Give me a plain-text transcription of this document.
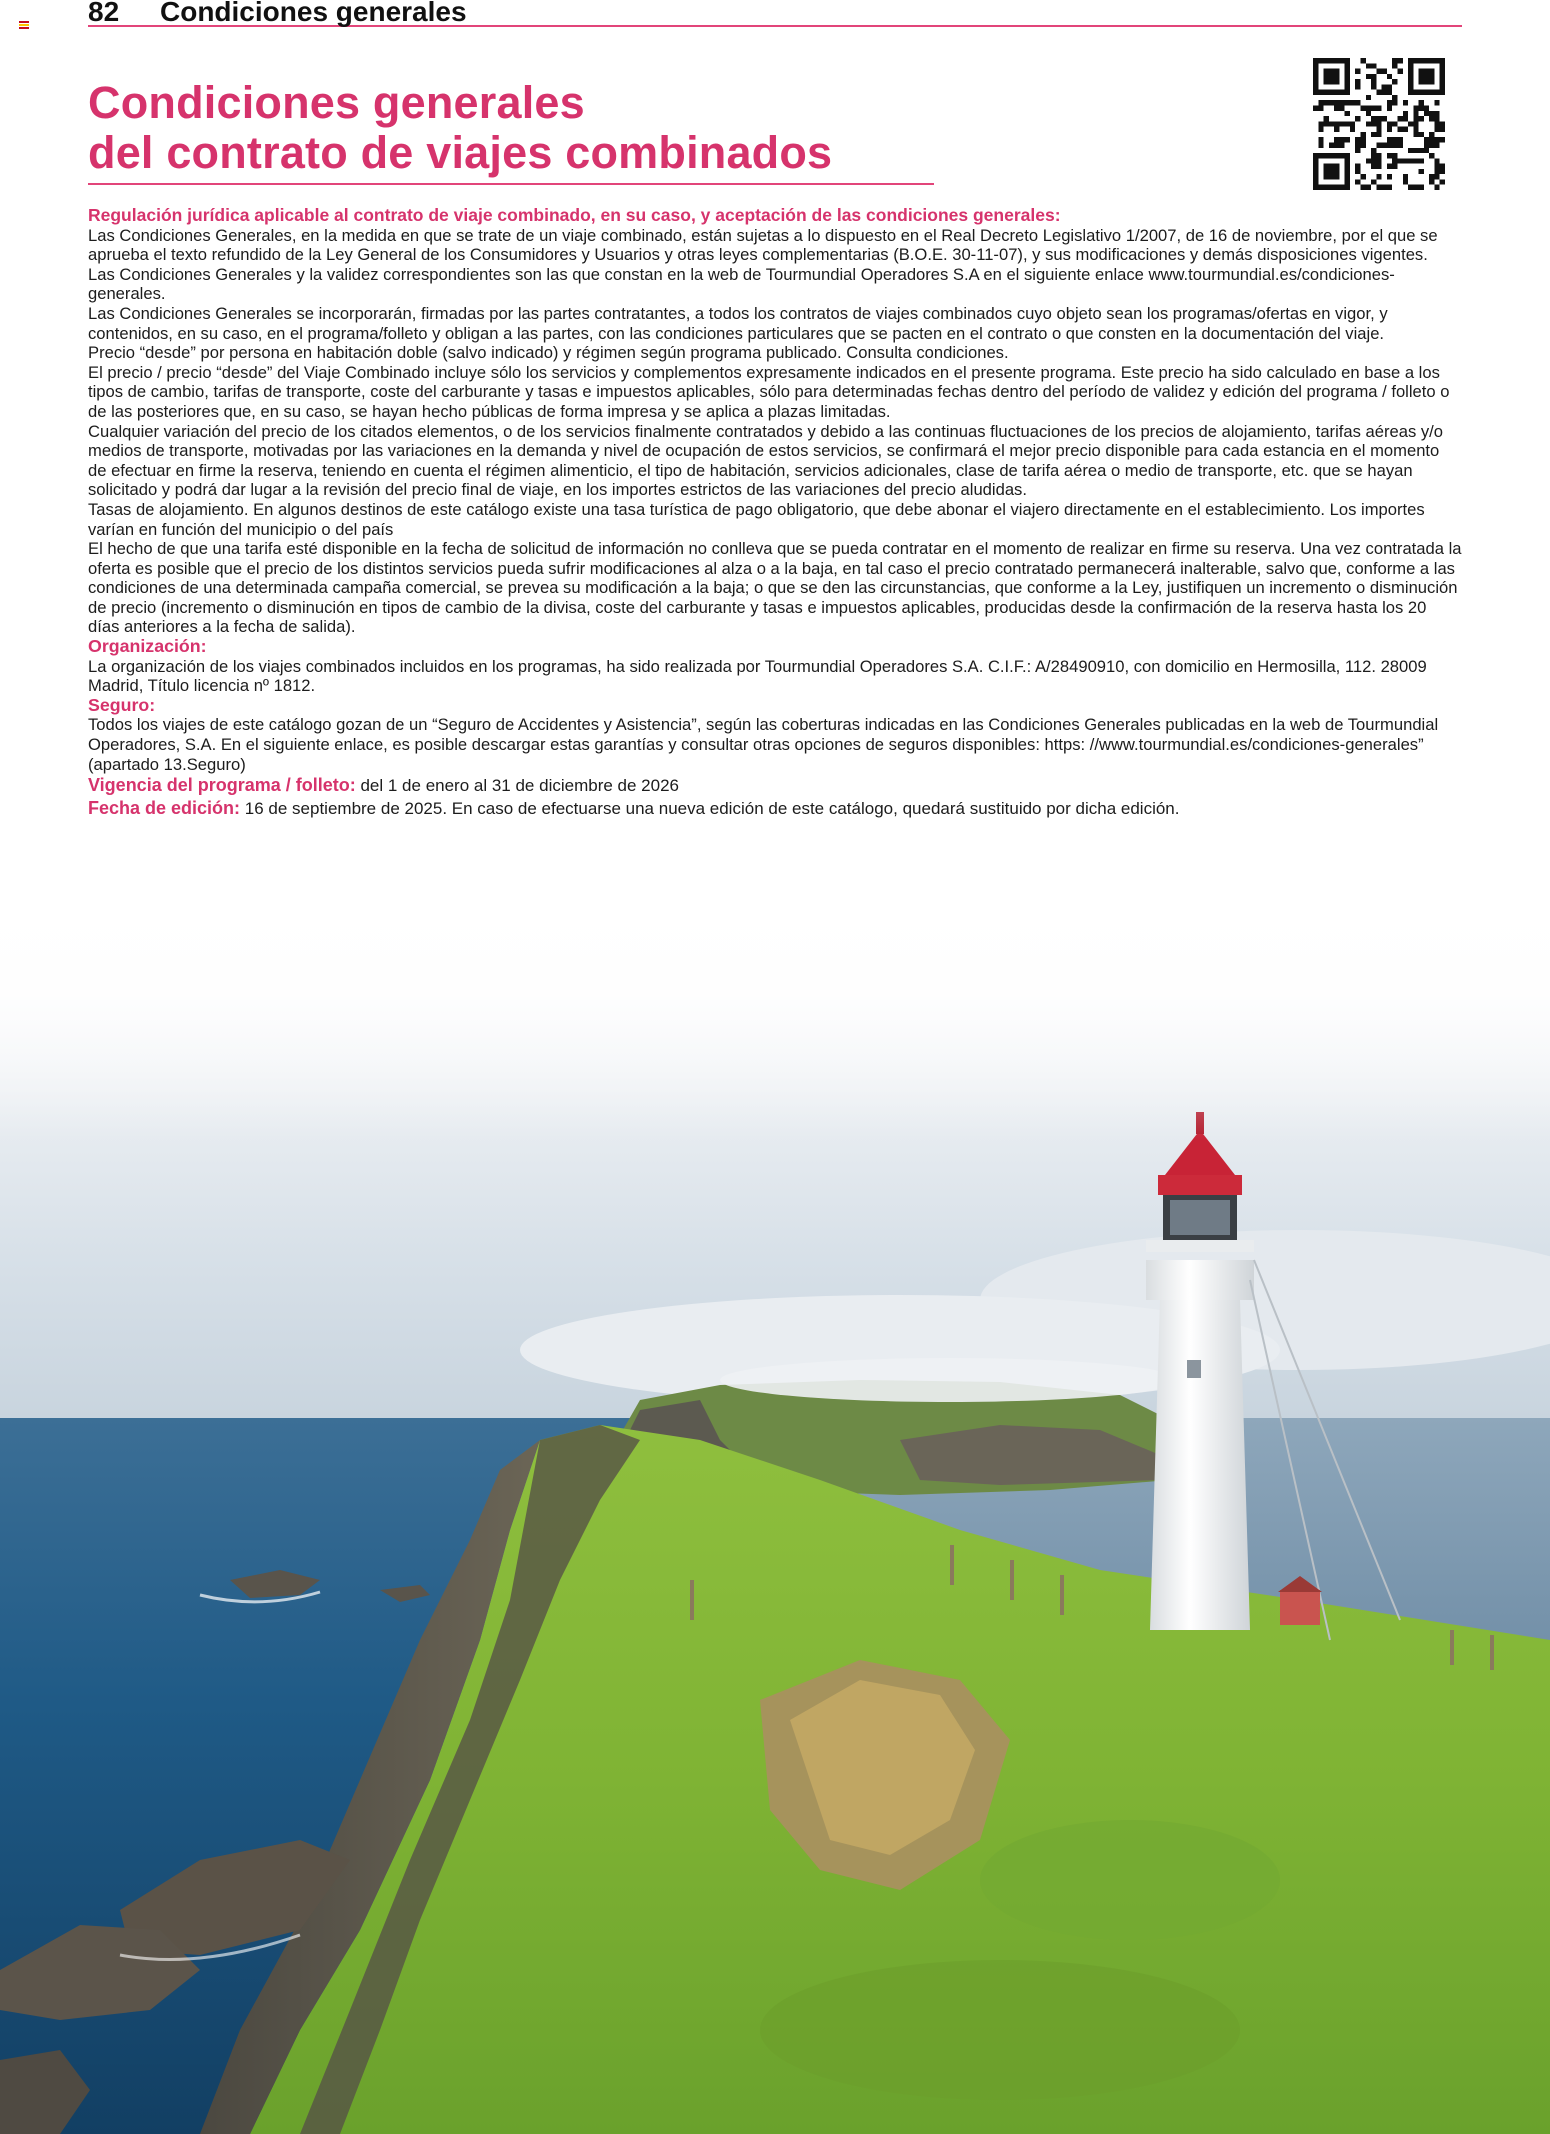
82 Condiciones generales
Condiciones generales
del contrato de viajes combinados

Regulación jurídica aplicable al contrato de viaje combinado, en su caso, y aceptación de las condiciones generales:

Las Condiciones Generales, en la medida en que se trate de un viaje combinado, están sujetas a lo dispuesto en el Real Decreto Legislativo 1/2007, de 16 de noviembre, por el que se aprueba el texto refundido de la Ley General de los Consumidores y Usuarios y otras leyes complementarias (B.O.E. 30-11-07), y sus modificaciones y demás disposiciones vigentes.

Las Condiciones Generales y la validez correspondientes son las que constan en la web de Tourmundial Operadores S.A en el siguiente enlace www.tourmundial.es/condiciones-generales.

Las Condiciones Generales se incorporarán, firmadas por las partes contratantes, a todos los contratos de viajes combinados cuyo objeto sean los programas/ofertas en vigor, y contenidos, en su caso, en el programa/folleto y obligan a las partes, con las condiciones particulares que se pacten en el contrato o que consten en la documentación del viaje.

Precio “desde” por persona en habitación doble (salvo indicado) y régimen según programa publicado. Consulta condiciones.

El precio / precio “desde” del Viaje Combinado incluye sólo los servicios y complementos expresamente indicados en el presente programa. Este precio ha sido calculado en base a los tipos de cambio, tarifas de transporte, coste del carburante y tasas e impuestos aplicables, sólo para determinadas fechas dentro del período de validez y edición del programa / folleto o de las posteriores que, en su caso, se hayan hecho públicas de forma impresa y se aplica a plazas limitadas.

Cualquier variación del precio de los citados elementos, o de los servicios finalmente contratados y debido a las continuas fluctuaciones de los precios de alojamiento, tarifas aéreas y/o medios de transporte, motivadas por las variaciones en la demanda y nivel de ocupación de estos servicios, se confirmará el mejor precio disponible para cada estancia en el momento de efectuar en firme la reserva, teniendo en cuenta el régimen alimenticio, el tipo de habitación, servicios adicionales, clase de tarifa aérea o medio de transporte, etc. que se hayan solicitado y podrá dar lugar a la revisión del precio final de viaje, en los importes estrictos de las variaciones del precio aludidas.

Tasas de alojamiento. En algunos destinos de este catálogo existe una tasa turística de pago obligatorio, que debe abonar el viajero directamente en el establecimiento. Los importes varían en función del municipio o del país

El hecho de que una tarifa esté disponible en la fecha de solicitud de información no conlleva que se pueda contratar en el momento de realizar en firme su reserva. Una vez contratada la oferta es posible que el precio de los distintos servicios pueda sufrir modificaciones al alza o a la baja, en tal caso el precio contratado permanecerá inalterable, salvo que, conforme a las condiciones de una determinada campaña comercial, se prevea su modificación a la baja; o que se den las circunstancias, que conforme a la Ley, justifiquen un incremento o disminución de precio (incremento o disminución en tipos de cambio de la divisa, coste del carburante y tasas e impuestos aplicables, producidas desde la confirmación de la reserva hasta los 20 días anteriores a la fecha de salida).

Organización:

La organización de los viajes combinados incluidos en los programas, ha sido realizada por Tourmundial Operadores S.A. C.I.F.: A/28490910, con domicilio en Hermosilla, 112. 28009 Madrid, Título licencia nº 1812.

Seguro:

Todos los viajes de este catálogo gozan de un “Seguro de Accidentes y Asistencia”, según las coberturas indicadas en las Condiciones Generales publicadas en la web de Tourmundial Operadores, S.A. En el siguiente enlace, es posible descargar estas garantías y consultar otras opciones de seguros disponibles: https: //www.tourmundial.es/condiciones-generales” (apartado 13.Seguro)

Vigencia del programa / folleto: del 1 de enero al 31 de diciembre de 2026

Fecha de edición: 16 de septiembre de 2025. En caso de efectuarse una nueva edición de este catálogo, quedará sustituido por dicha edición.
